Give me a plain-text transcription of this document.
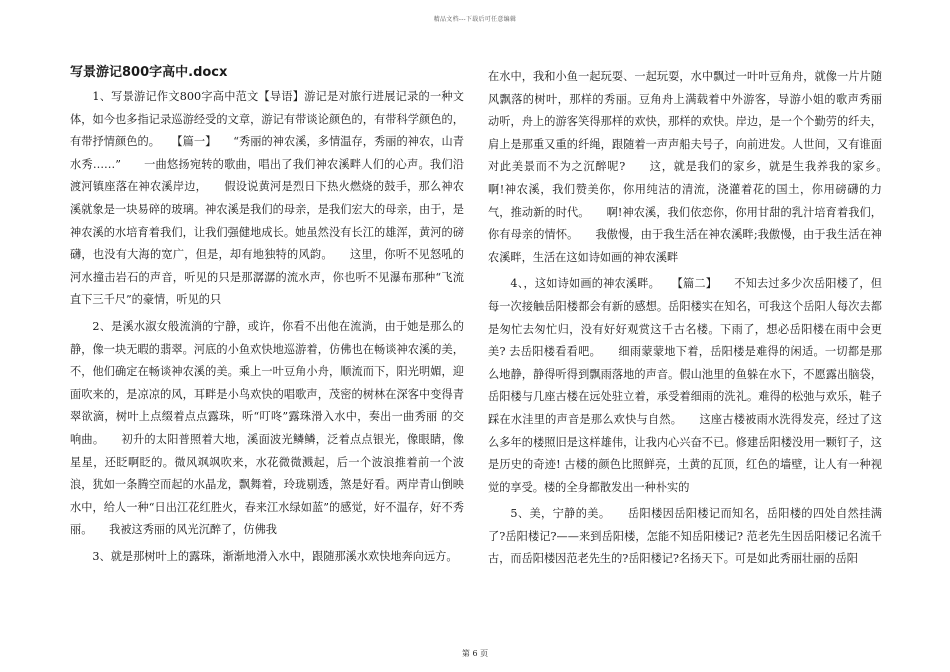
精品文档---下载后可任意编辑
写景游记800字高中.docx

1、写景游记作文800字高中范文【导语】游记是对旅行进展记录的一种文体，如今也多指记录巡游经受的文章，游记有带谈论颜色的，有带科学颜色的，有带抒情颜色的。　　【篇一】　　“秀丽的神农溪，多情温存，秀丽的神农，山青水秀……”　　一曲悠扬宛转的歌曲，唱出了我们神农溪畔人们的心声。我们沿渡河镇座落在神农溪岸边，　　假设说黄河是烈日下热火燃烧的鼓手，那么神农溪就象是一块易碎的玻璃。神农溪是我们的母亲，是我们宏大的母亲，由于，是神农溪的水培育着我们，让我们强健地成长。她虽然没有长江的雄浑，黄河的磅礴，也没有大海的宽广，但是，却有地独特的风韵。　　这里，你听不见怒吼的河水撞击岩石的声音，听见的只是那潺潺的流水声，你也听不见瀑布那种“飞流直下三千尺”的豪情，听见的只

2、是溪水淑女般流淌的宁静，或许，你看不出他在流淌，由于她是那么的静，像一块无暇的翡翠。河底的小鱼欢快地巡游着，仿佛也在畅谈神农溪的美，不，他们确定在畅谈神农溪的美。乘上一叶豆角小舟，顺流而下，阳光明媚，迎面吹来的，是凉凉的风，耳畔是小鸟欢快的唱歌声，茂密的树林在深客中变得青翠欲滴，树叶上点缀着点点露珠，听“叮咚”露珠滑入水中，奏出一曲秀丽 的交响曲。　　初升的太阳普照着大地，溪面波光鳞鳞，泛着点点银光，像眼睛，像星星，还眨啊眨的。微风飒飒吹来，水花微微溅起，后一个波浪推着前一个波浪，犹如一条腾空而起的水晶龙，飘舞着，玲珑剔透，煞是好看。两岸青山倒映水中，给人一种“日出江花红胜火，春来江水绿如蓝”的感觉，好不温存，好不秀丽。　　我被这秀丽的风光沉醉了，仿佛我

3、就是那树叶上的露珠，渐渐地滑入水中，跟随那溪水欢快地奔向远方。

在水中，我和小鱼一起玩耍、一起玩耍，水中飘过一叶叶豆角舟，就像一片片随风飘落的树叶，那样的秀丽。豆角舟上满载着中外游客，导游小姐的歌声秀丽 动听，舟上的游客笑得那样的欢快，那样的欢快。岸边，是一个个勤劳的纤夫，肩上是那重又重的纤绳，跟随着一声声船夫号子，向前进发。人世间，又有谁面对此美景而不为之沉醉呢?　　这，就是我们的家乡，就是生我养我的家乡。　　啊!神农溪，我们赞美你，你用纯洁的清流，浇灌着花的国土，你用磅礴的力气，推动新的时代。　　啊!神农溪，我们依恋你，你用甘甜的乳汁培育着我们，你有母亲的情怀。　　我傲慢，由于我生活在神农溪畔;我傲慢，由于我生活在神农溪畔，生活在这如诗如画的神农溪畔

4、，这如诗如画的神农溪畔。　　【篇二】　　不知去过多少次岳阳楼了，但每一次接触岳阳楼都会有新的感想。岳阳楼实在知名，可我这个岳阳人每次去都是匆忙去匆忙归，没有好好观赏这千古名楼。下雨了，想必岳阳楼在雨中会更美? 去岳阳楼看看吧。　　细雨蒙蒙地下着，岳阳楼是难得的闲适。一切都是那么地静，静得听得到飘雨落地的声音。假山池里的鱼躲在水下，不愿露出脑袋，岳阳楼与几座古楼在远处驻立着，承受着细雨的洗礼。难得的松弛与欢乐，鞋子踩在水洼里的声音是那么欢快与自然。　　这座古楼被雨水洗得发亮，经过了这么多年的楼照旧是这样雄伟，让我内心兴奋不已。修建岳阳楼没用一颗钉子，这是历史的奇迹! 古楼的颜色比照鲜亮，土黄的瓦顶，红色的墙壁，让人有一种视觉的享受。楼的全身都散发出一种朴实的

5、美，宁静的美。　　岳阳楼因岳阳楼记而知名，岳阳楼的四处自然挂满了?岳阳楼记?——来到岳阳楼，怎能不知岳阳楼记? 范老先生因岳阳楼记名流千古，而岳阳楼因范老先生的?岳阳楼记?名扬天下。可是如此秀丽壮丽的岳阳

第 6 页
